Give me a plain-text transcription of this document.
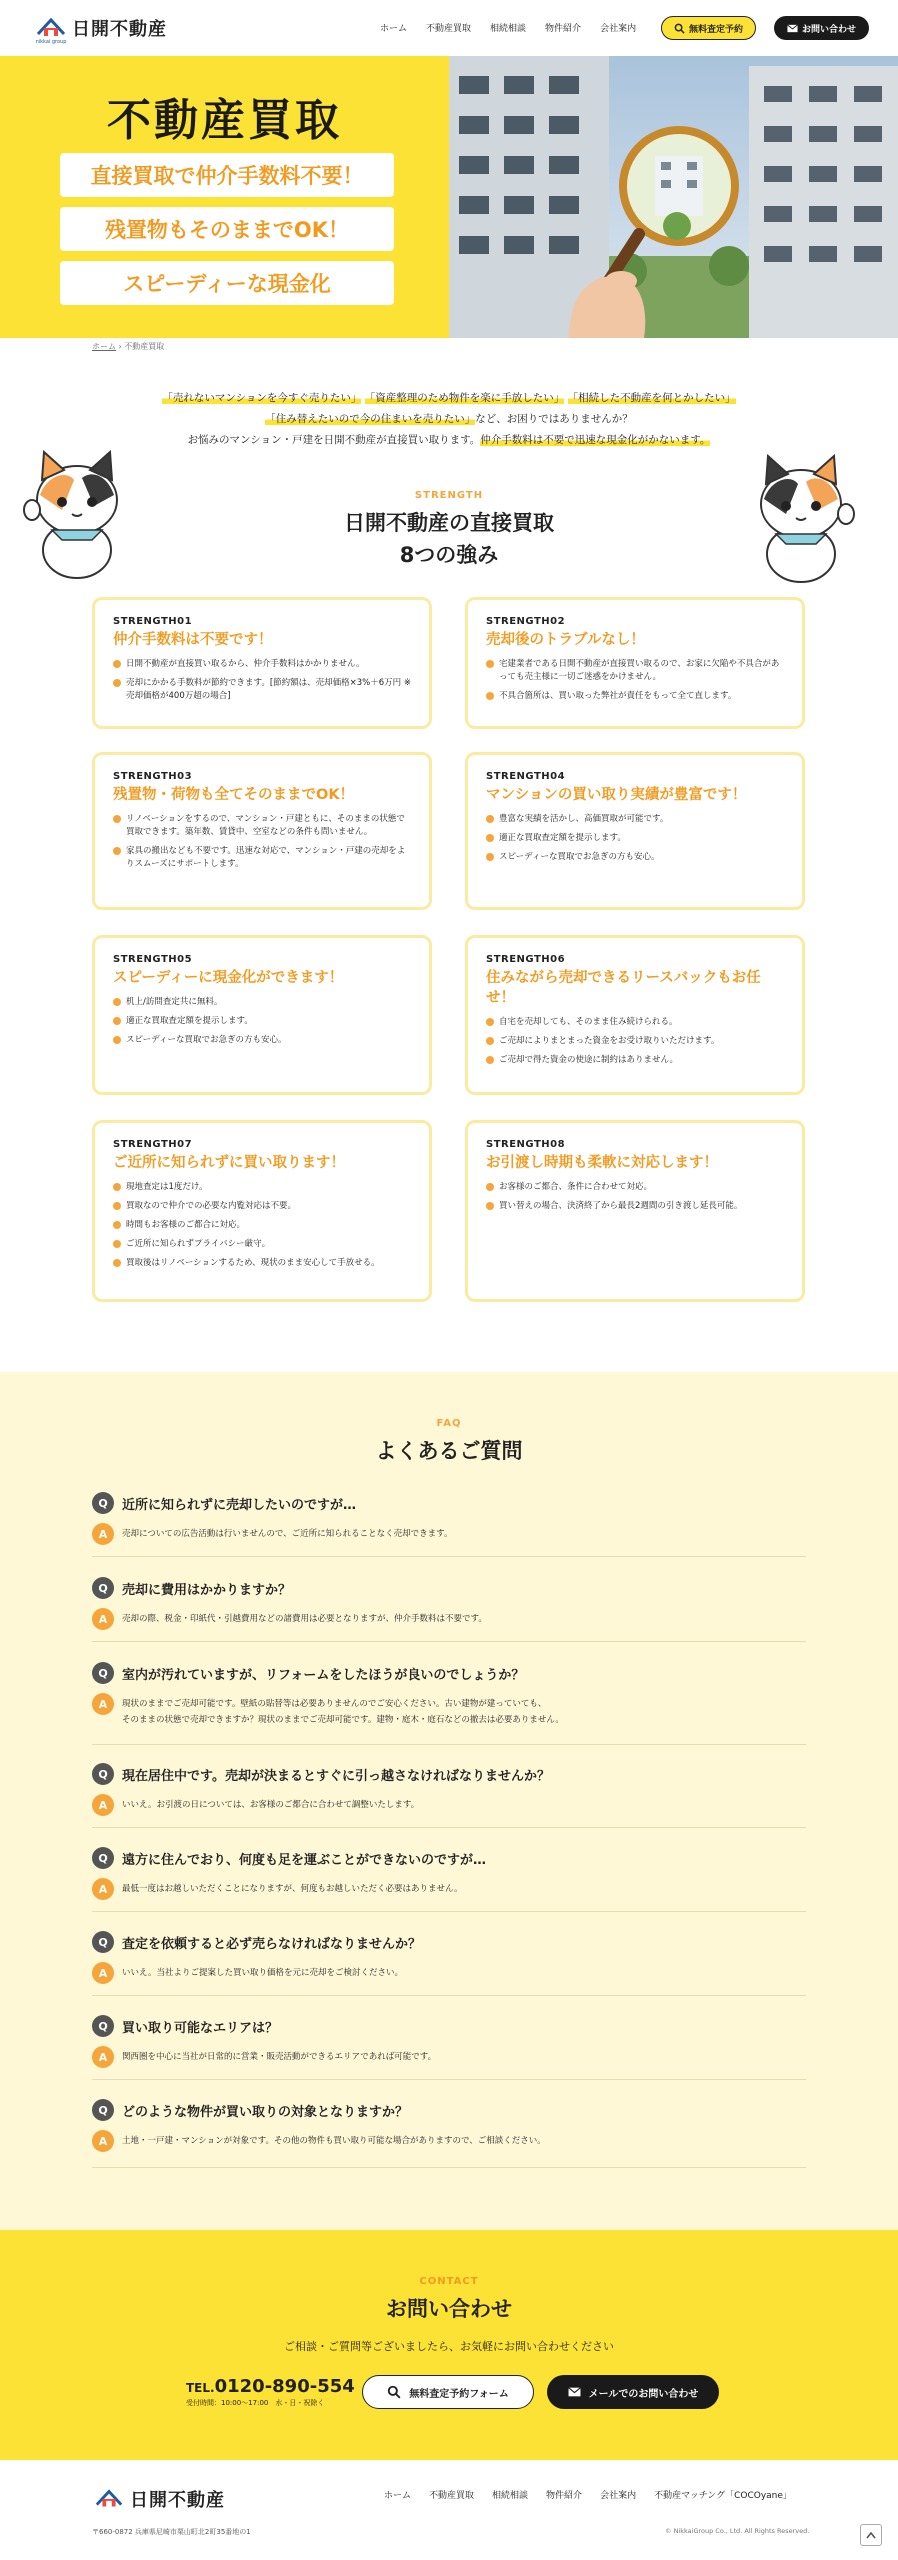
nikkai group
日開不動産	ホーム 不動産買取 相続相談 物件紹介 会社案内	無料査定予約	お問い合わせ
不動産買取
直接買取で仲介手数料不要！
残置物もそのままでOK！
スピーディーな現金化
ホーム › 不動産買取
「売れないマンションを今すぐ売りたい」 「資産整理のため物件を楽に手放したい」 「相続した不動産を何とかしたい」
「住み替えたいので今の住まいを売りたい」など、お困りではありませんか？
お悩みのマンション・戸建を日開不動産が直接買い取ります。仲介手数料は不要で迅速な現金化がかないます。
STRENGTH
日開不動産の直接買取
8つの強み
STRENGTH01
仲介手数料は不要です！
日開不動産が直接買い取るから、仲介手数料はかかりません。
売却にかかる手数料が節約できます。[節約額は、売却価格×3%＋6万円 ※売却価格が400万超の場合]
STRENGTH02
売却後のトラブルなし！
宅建業者である日開不動産が直接買い取るので、お家に欠陥や不具合があっても売主様に一切ご迷惑をかけません。
不具合箇所は、買い取った弊社が責任をもって全て直します。
STRENGTH03
残置物・荷物も全てそのままでOK！
リノベーションをするので、マンション・戸建ともに、そのままの状態で買取できます。築年数、賃貸中、空室などの条件も問いません。
家具の搬出なども不要です。迅速な対応で、マンション・戸建の売却をよりスムーズにサポートします。
STRENGTH04
マンションの買い取り実績が豊富です！
豊富な実績を活かし、高価買取が可能です。
適正な買取査定額を提示します。
スピーディーな買取でお急ぎの方も安心。
STRENGTH05
スピーディーに現金化ができます！
机上/訪問査定共に無料。
適正な買取査定額を提示します。
スピーディーな買取でお急ぎの方も安心。
STRENGTH06
住みながら売却できるリースバックもお任せ！
自宅を売却しても、そのまま住み続けられる。
ご売却によりまとまった資金をお受け取りいただけます。
ご売却で得た資金の使途に制約はありません。
STRENGTH07
ご近所に知られずに買い取ります！
現地査定は1度だけ。
買取なので仲介での必要な内覧対応は不要。
時間もお客様のご都合に対応。
ご近所に知られずプライバシー厳守。
買取後はリノベーションするため、現状のまま安心して手放せる。
STRENGTH08
お引渡し時期も柔軟に対応します！
お客様のご都合、条件に合わせて対応。
買い替えの場合、決済終了から最長2週間の引き渡し延長可能。
FAQ
よくあるご質問
Q	近所に知られずに売却したいのですが…
A	売却についての広告活動は行いませんので、ご近所に知られることなく売却できます。
Q	売却に費用はかかりますか？
A	売却の際、税金・印紙代・引越費用などの諸費用は必要となりますが、仲介手数料は不要です。
Q	室内が汚れていますが、リフォームをしたほうが良いのでしょうか？
A	現状のままでご売却可能です。壁紙の貼替等は必要ありませんのでご安心ください。古い建物が建っていても、
そのままの状態で売却できますか？現状のままでご売却可能です。建物・庭木・庭石などの撤去は必要ありません。
Q	現在居住中です。売却が決まるとすぐに引っ越さなければなりませんか？
A	いいえ。お引渡の日については、お客様のご都合に合わせて調整いたします。
Q	遠方に住んでおり、何度も足を運ぶことができないのですが…
A	最低一度はお越しいただくことになりますが、何度もお越しいただく必要はありません。
Q	査定を依頼すると必ず売らなければなりませんか？
A	いいえ。当社よりご提案した買い取り価格を元に売却をご検討ください。
Q	買い取り可能なエリアは？
A	関西圏を中心に当社が日常的に営業・販売活動ができるエリアであれば可能です。
Q	どのような物件が買い取りの対象となりますか？
A	土地・一戸建・マンションが対象です。その他の物件も買い取り可能な場合がありますので、ご相談ください。
CONTACT
お問い合わせ
ご相談・ご質問等ございましたら、お気軽にお問い合わせください
TEL.0120-890-554
受付時間：10:00〜17:00　水・日・祝除く
無料査定予約フォーム	メールでのお問い合わせ
日開不動産	ホーム 不動産買取 相続相談 物件紹介 会社案内 不動産マッチング「COCOyane」
〒660-0872 兵庫県尼崎市栗山町北2町35番地の1	© NikkaiGroup Co., Ltd. All Rights Reserved.
